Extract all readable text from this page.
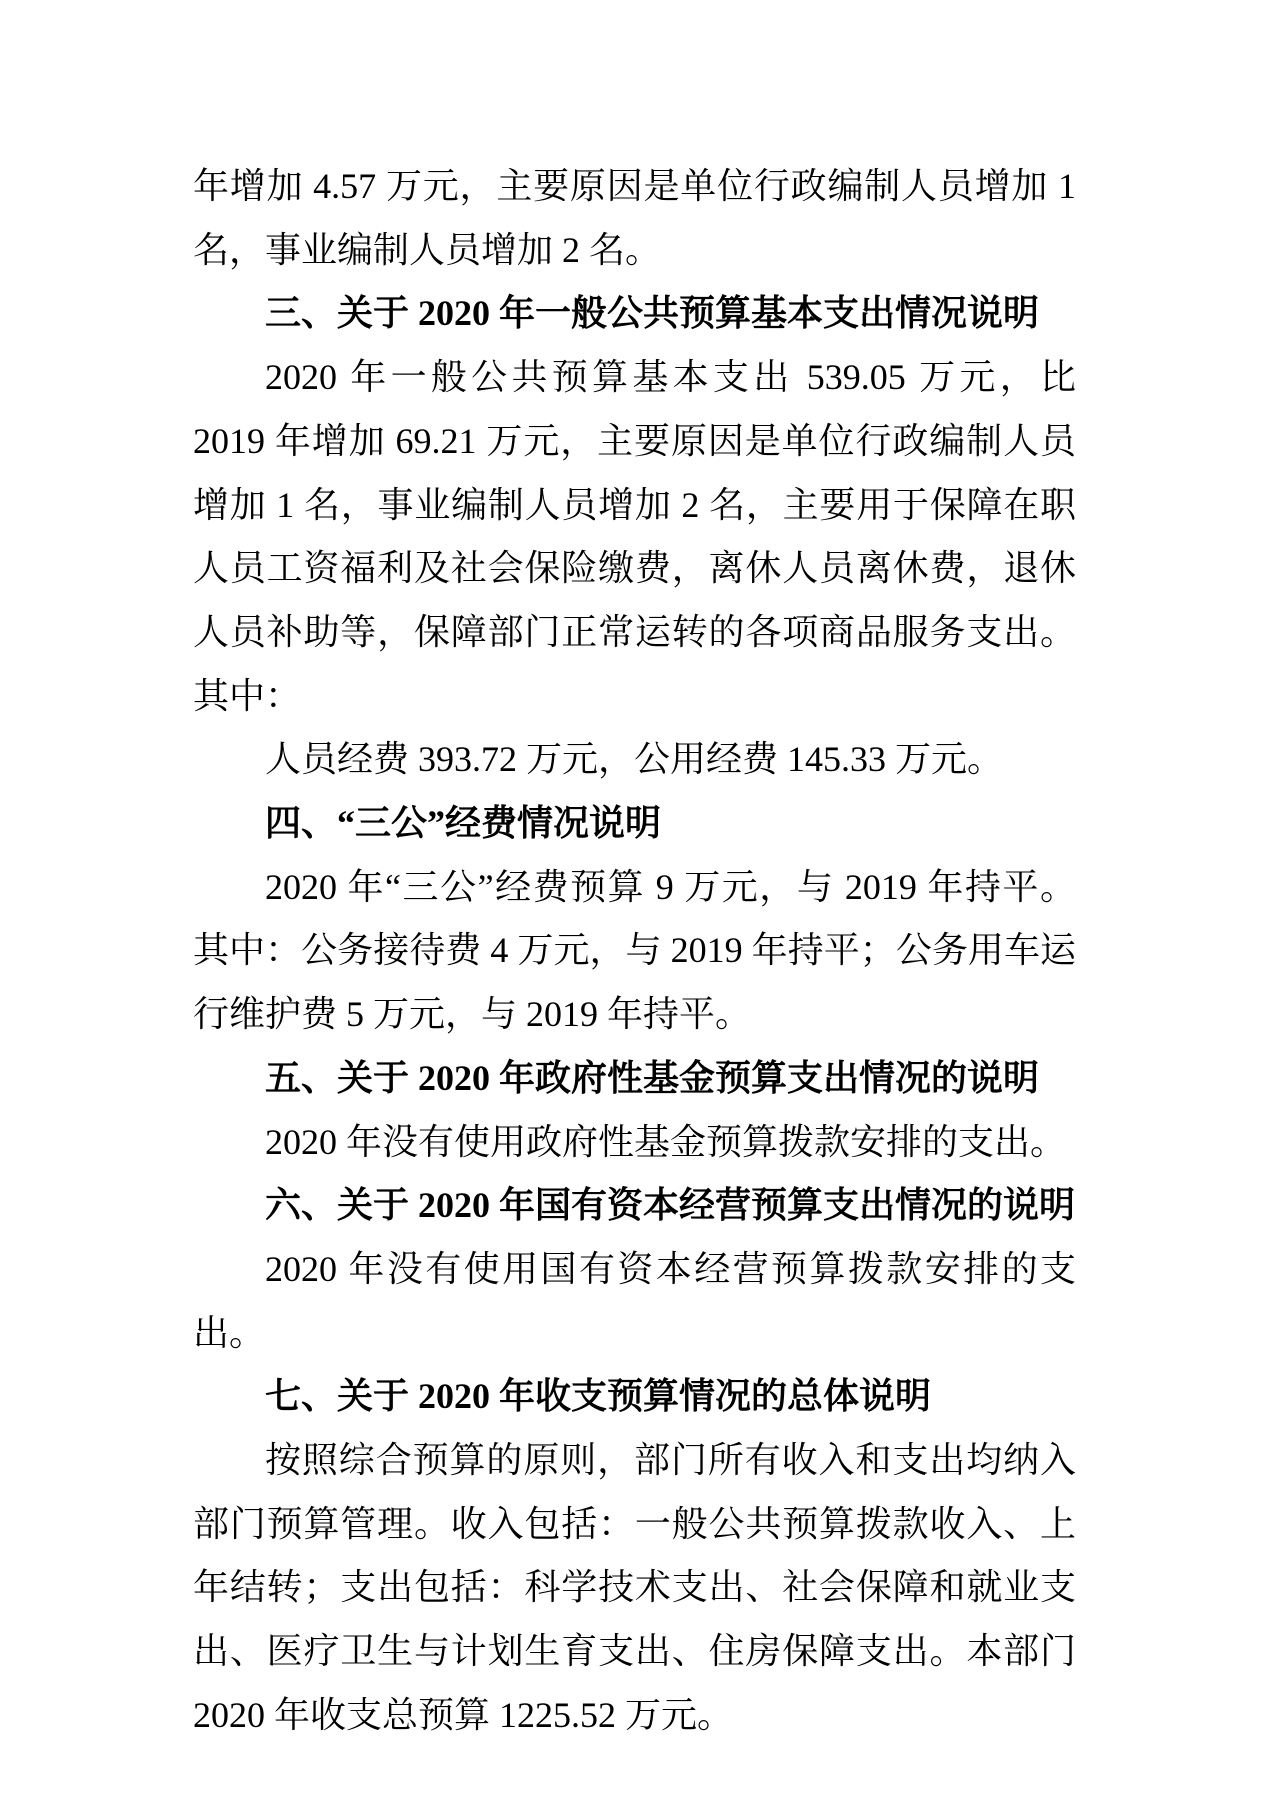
年增加 4.57 万元，主要原因是单位行政编制人员增加 1 名，事业编制人员增加 2 名。

三、关于 2020 年一般公共预算基本支出情况说明

2020 年一般公共预算基本支出 539.05 万元，比 2019 年增加 69.21 万元，主要原因是单位行政编制人员增加 1 名，事业编制人员增加 2 名，主要用于保障在职人员工资福利及社会保险缴费，离休人员离休费，退休人员补助等，保障部门正常运转的各项商品服务支出。其中：

人员经费 393.72 万元，公用经费 145.33 万元。

四、“三公”经费情况说明

2020 年“三公”经费预算 9 万元，与 2019 年持平。其中：公务接待费 4 万元，与 2019 年持平；公务用车运行维护费 5 万元，与 2019 年持平。

五、关于 2020 年政府性基金预算支出情况的说明

2020 年没有使用政府性基金预算拨款安排的支出。

六、关于 2020 年国有资本经营预算支出情况的说明

2020 年没有使用国有资本经营预算拨款安排的支出。

七、关于 2020 年收支预算情况的总体说明

按照综合预算的原则，部门所有收入和支出均纳入部门预算管理。收入包括：一般公共预算拨款收入、上年结转；支出包括：科学技术支出、社会保障和就业支出、医疗卫生与计划生育支出、住房保障支出。本部门 2020 年收支总预算 1225.52 万元。
